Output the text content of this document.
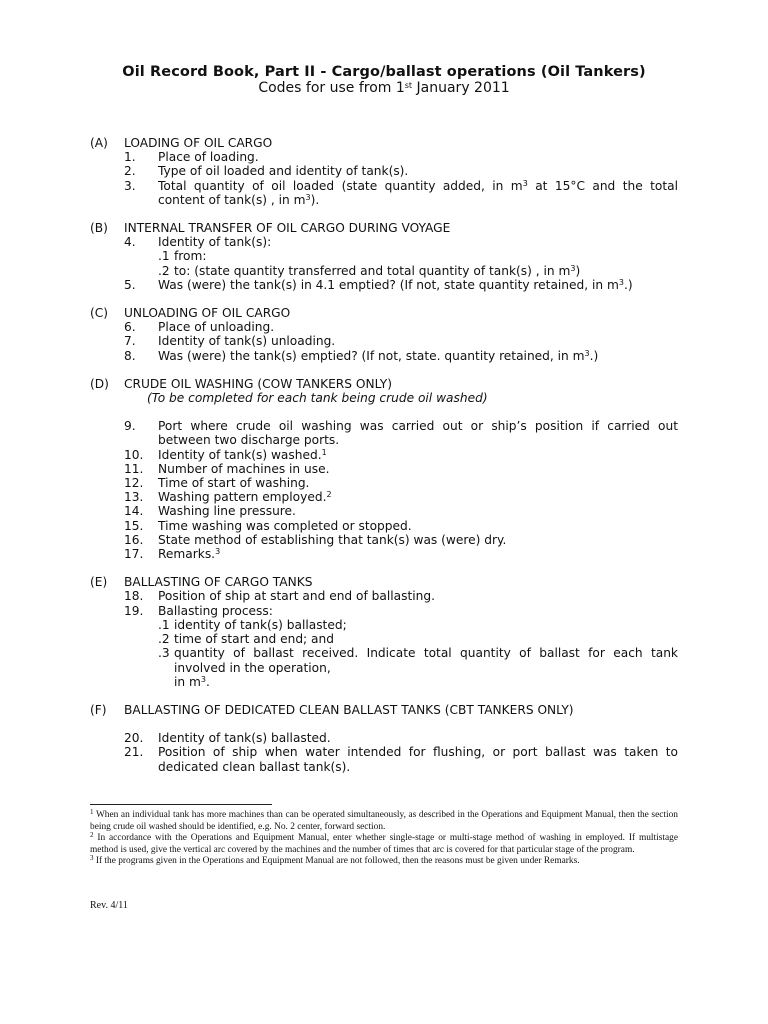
Oil Record Book, Part II - Cargo/ballast operations (Oil Tankers)
Codes for use from 1st January 2011
(A) LOADING OF OIL CARGO
1. Place of loading.
2. Type of oil loaded and identity of tank(s).
3. Total quantity of oil loaded (state quantity added, in $m^3$ at 15°C and the total content of tank(s) , in $m^3$).
(B) INTERNAL TRANSFER OF OIL CARGO DURING VOYAGE
4. Identity of tank(s):
.1 from:
.2 to: (state quantity transferred and total quantity of tank(s) , in $m^3$)
5. Was (were) the tank(s) in 4.1 emptied? (If not, state quantity retained, in $m^3$.)
(C) UNLOADING OF OIL CARGO
6. Place of unloading.
7. Identity of tank(s) unloading.
8. Was (were) the tank(s) emptied? (If not, state. quantity retained, in $m^3$.)
(D) CRUDE OIL WASHING (COW TANKERS ONLY)
(To be completed for each tank being crude oil washed)
9. Port where crude oil washing was carried out or ship’s position if carried out between two discharge ports.
10. Identity of tank(s) washed.$^1$
11. Number of machines in use.
12. Time of start of washing.
13. Washing pattern employed.$^2$
14. Washing line pressure.
15. Time washing was completed or stopped.
16. State method of establishing that tank(s) was (were) dry.
17. Remarks.$^3$
(E) BALLASTING OF CARGO TANKS
18. Position of ship at start and end of ballasting.
19. Ballasting process:
.1 identity of tank(s) ballasted;
.2 time of start and end; and
.3 quantity of ballast received. Indicate total quantity of ballast for each tank involved in the operation,
in $m^3$.
(F) BALLASTING OF DEDICATED CLEAN BALLAST TANKS (CBT TANKERS ONLY)
20. Identity of tank(s) ballasted.
21. Position of ship when water intended for flushing, or port ballast was taken to dedicated clean ballast tank(s).
$^1$ When an individual tank has more machines than can be operated simultaneously, as described in the Operations and Equipment Manual, then the section being crude oil washed should be identified, e.g. No. 2 center, forward section.
$^2$ In accordance with the Operations and Equipment Manual, enter whether single-stage or multi-stage method of washing in employed. If multistage method is used, give the vertical arc covered by the machines and the number of times that arc is covered for that particular stage of the program.
$^3$ If the programs given in the Operations and Equipment Manual are not followed, then the reasons must be given under Remarks.
Rev. 4/11
